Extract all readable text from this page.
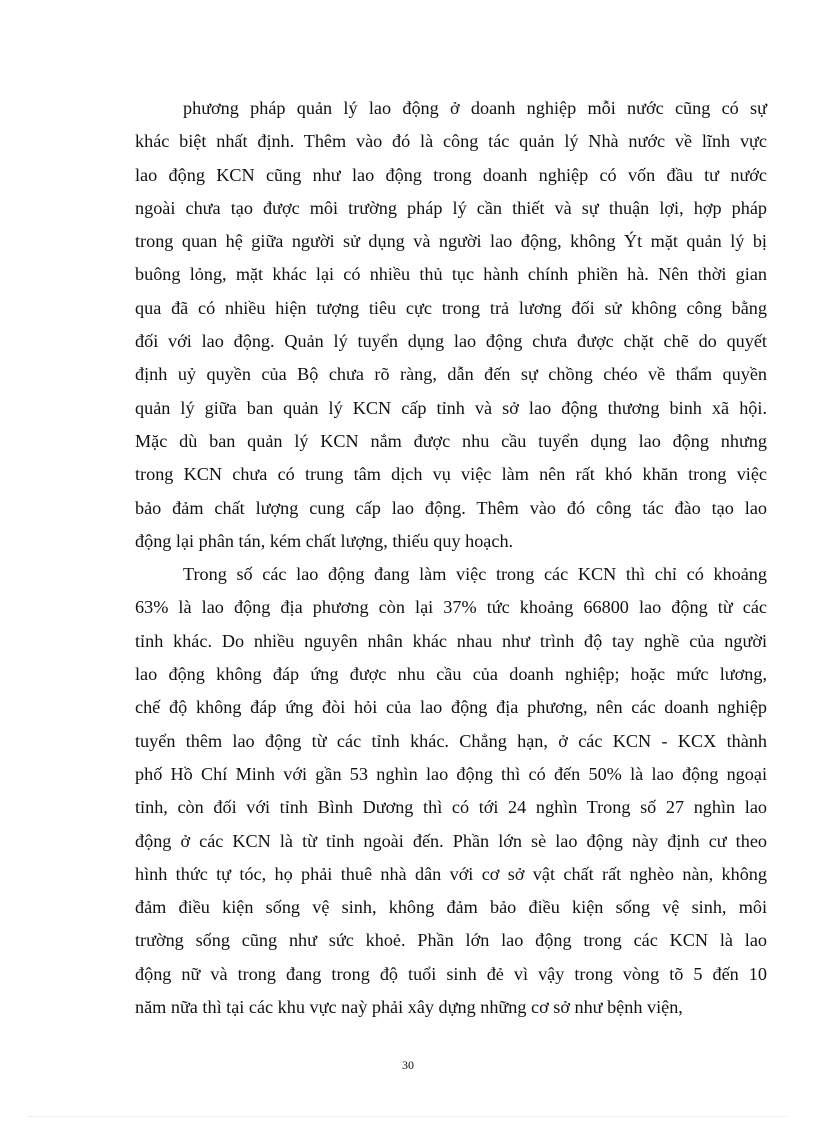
phương pháp quản lý lao động ở doanh nghiệp mỗi nước cũng có sự
khác biệt nhất định. Thêm vào đó là công tác quản lý Nhà nước về lĩnh vực
lao động KCN cũng như lao động trong doanh nghiệp có vốn đầu tư nước
ngoài chưa tạo được môi trường pháp lý cần thiết và sự thuận lợi, hợp pháp
trong quan hệ giữa người sử dụng và người lao động, không Ýt mặt quản lý bị
buông lỏng, mặt khác lại có nhiều thủ tục hành chính phiền hà. Nên thời gian
qua đã có nhiều hiện tượng tiêu cực trong trả lương đối sử không công bằng
đối với lao động. Quản lý tuyển dụng lao động chưa được chặt chẽ do quyết
định uỷ quyền của Bộ chưa rõ ràng, dẫn đến sự chồng chéo về thẩm quyền
quản lý giữa ban quản lý KCN cấp tỉnh và sở lao động thương binh xã hội.
Mặc dù ban quản lý KCN nắm được nhu cầu tuyển dụng lao động nhưng
trong KCN chưa có trung tâm dịch vụ việc làm nên rất khó khăn trong việc
bảo đảm chất lượng cung cấp lao động. Thêm vào đó công tác đào tạo lao
động lại phân tán, kém chất lượng, thiếu quy hoạch.
Trong số các lao động đang làm việc trong các KCN thì chỉ có khoảng
63% là lao động địa phương còn lại 37% tức khoảng 66800 lao động từ các
tỉnh khác. Do nhiều nguyên nhân khác nhau như trình độ tay nghề của người
lao động không đáp ứng được nhu cầu của doanh nghiệp; hoặc mức lương,
chế độ không đáp ứng đòi hỏi của lao động địa phương, nên các doanh nghiệp
tuyển thêm lao động từ các tỉnh khác. Chẳng hạn, ở các KCN - KCX thành
phố Hồ Chí Minh với gần 53 nghìn lao động thì có đến 50% là lao động ngoại
tỉnh, còn đối với tỉnh Bình Dương thì có tới 24 nghìn Trong số 27 nghìn lao
động ở các KCN là từ tỉnh ngoài đến. Phần lớn sè lao động này định cư theo
hình thức tự tóc, họ phải thuê nhà dân với cơ sở vật chất rất nghèo nàn, không
đảm điều kiện sống vệ sinh, không đảm bảo điều kiện sống vệ sinh, môi
trường sống cũng như sức khoẻ. Phần lớn lao động trong các KCN là lao
động nữ và trong đang trong độ tuổi sinh đẻ vì vậy trong vòng tõ 5 đến 10
năm nữa thì tại các khu vực naỳ phải xây dựng những cơ sở như bệnh viện,
30
